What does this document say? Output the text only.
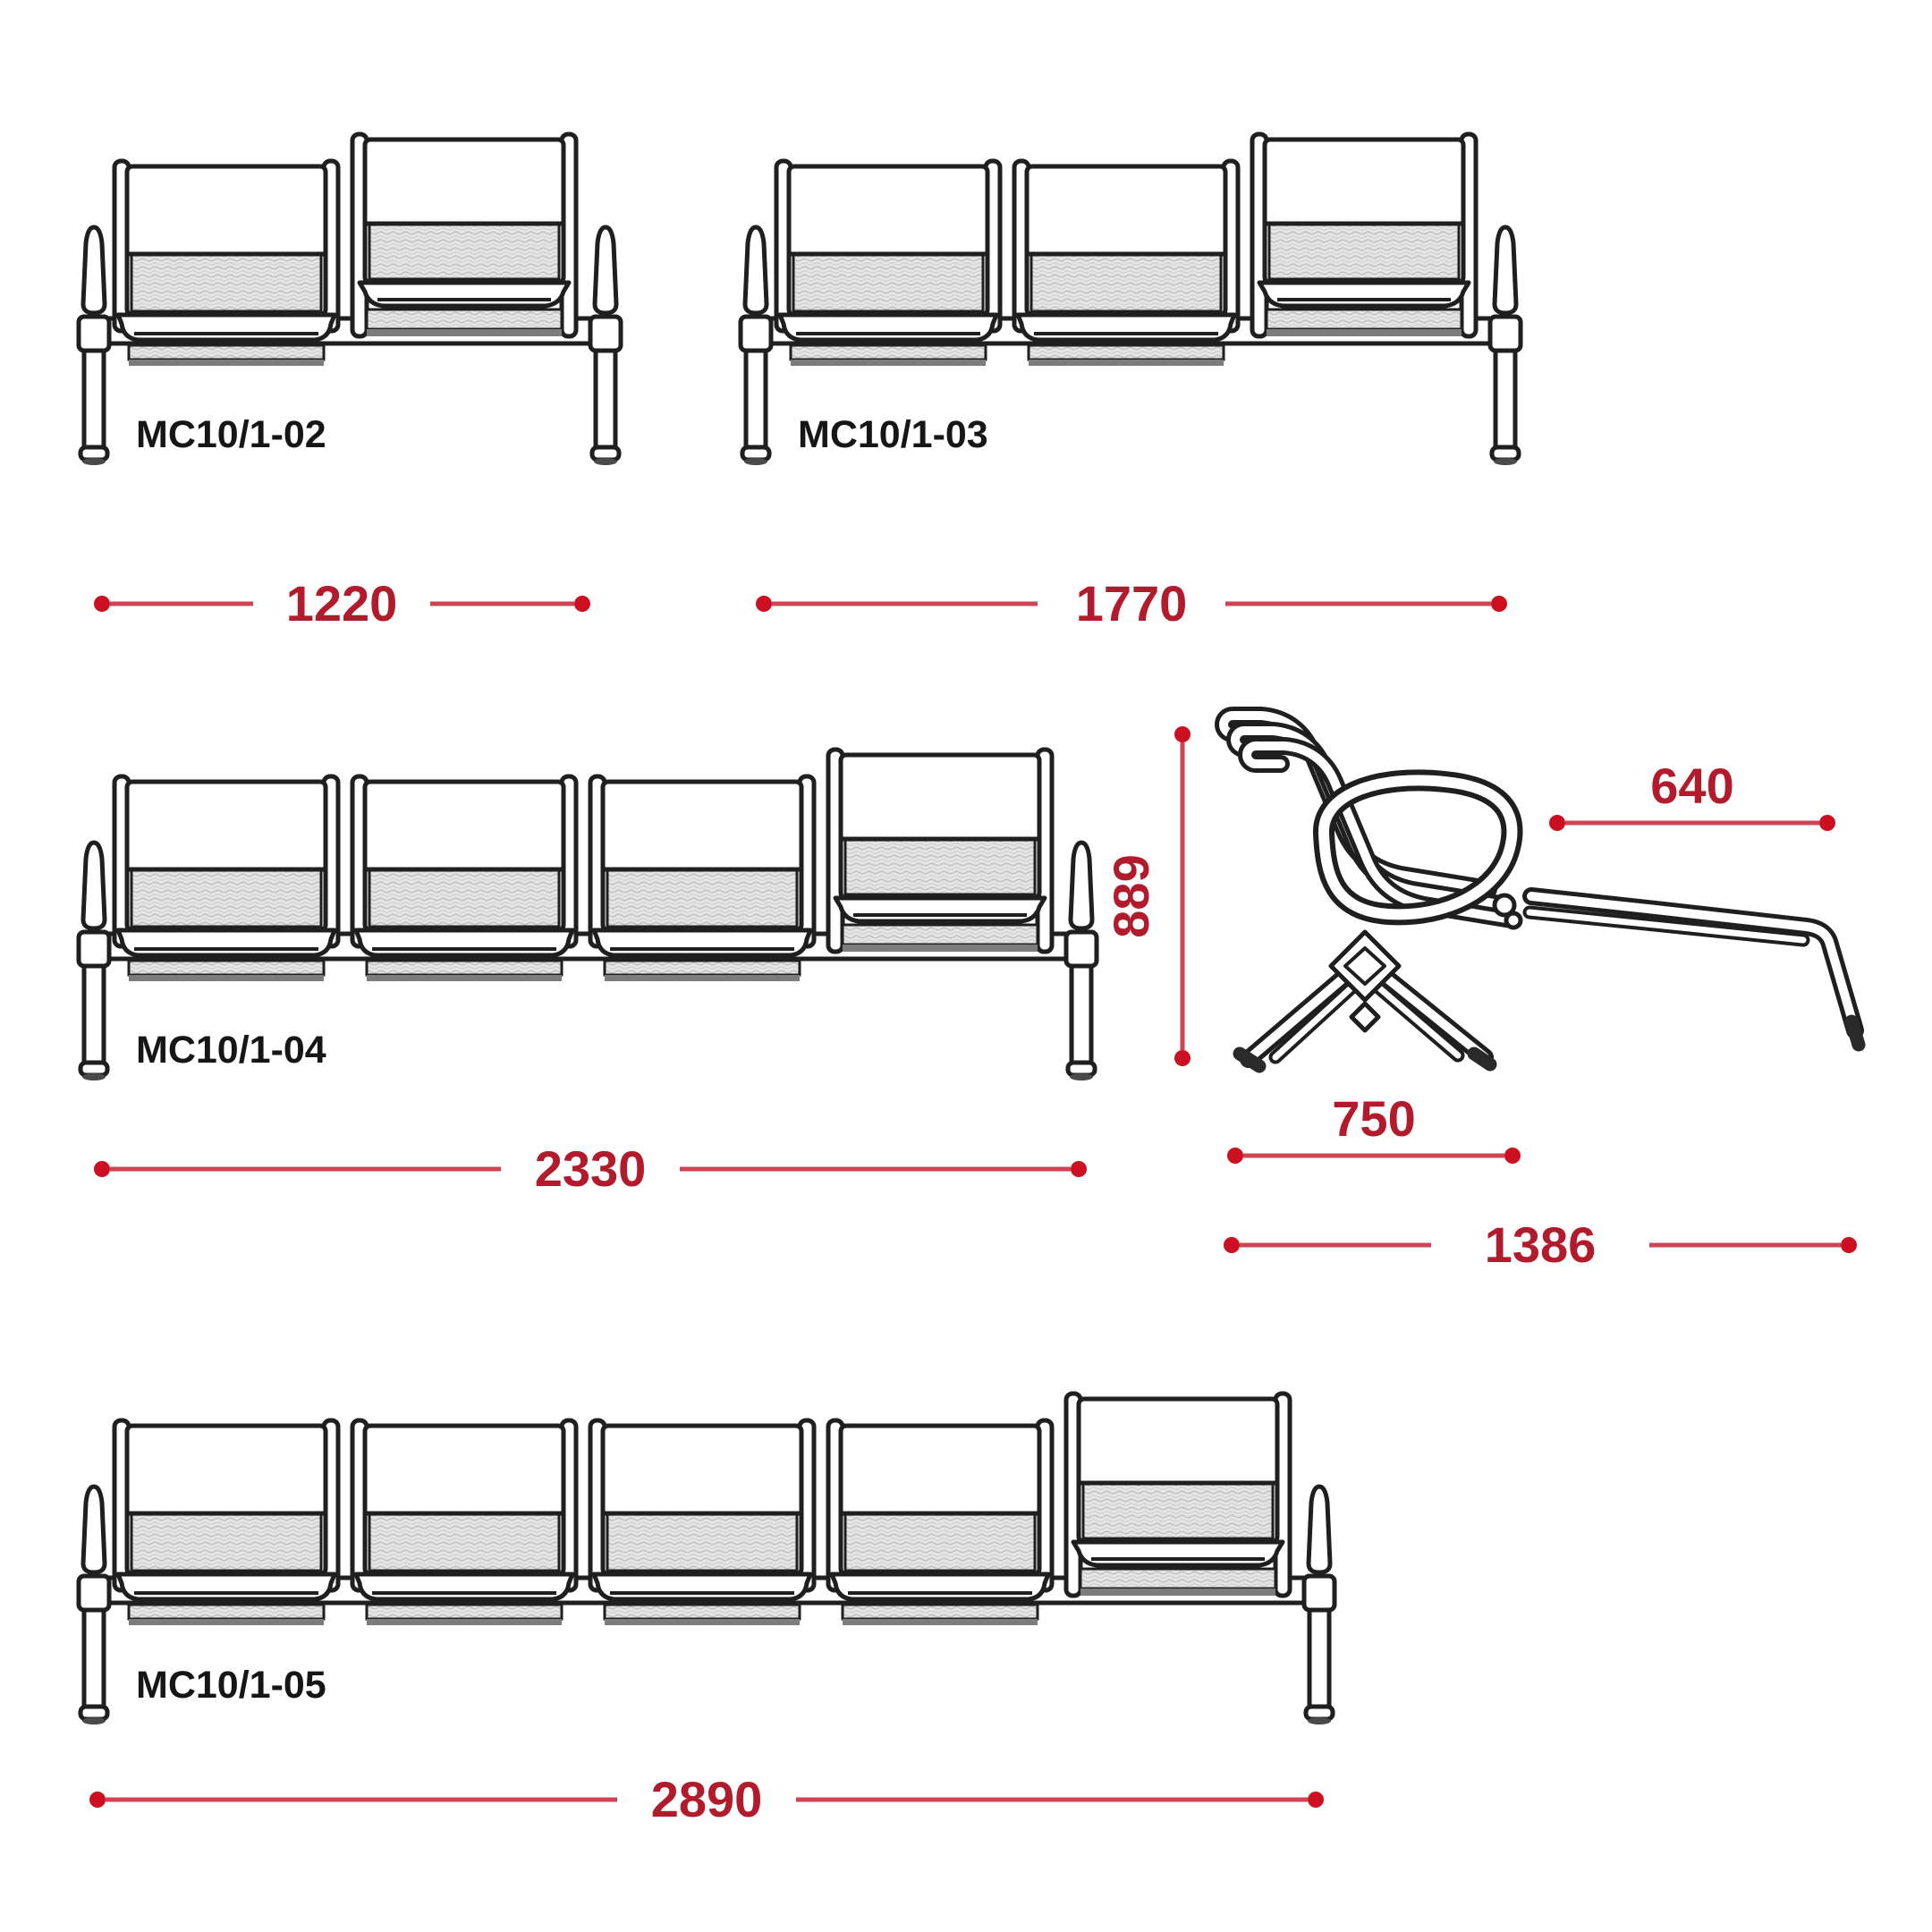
MC10/1-02
1220
MC10/1-03
1770
MC10/1-04
2330
889
640
750
1386
MC10/1-05
2890
